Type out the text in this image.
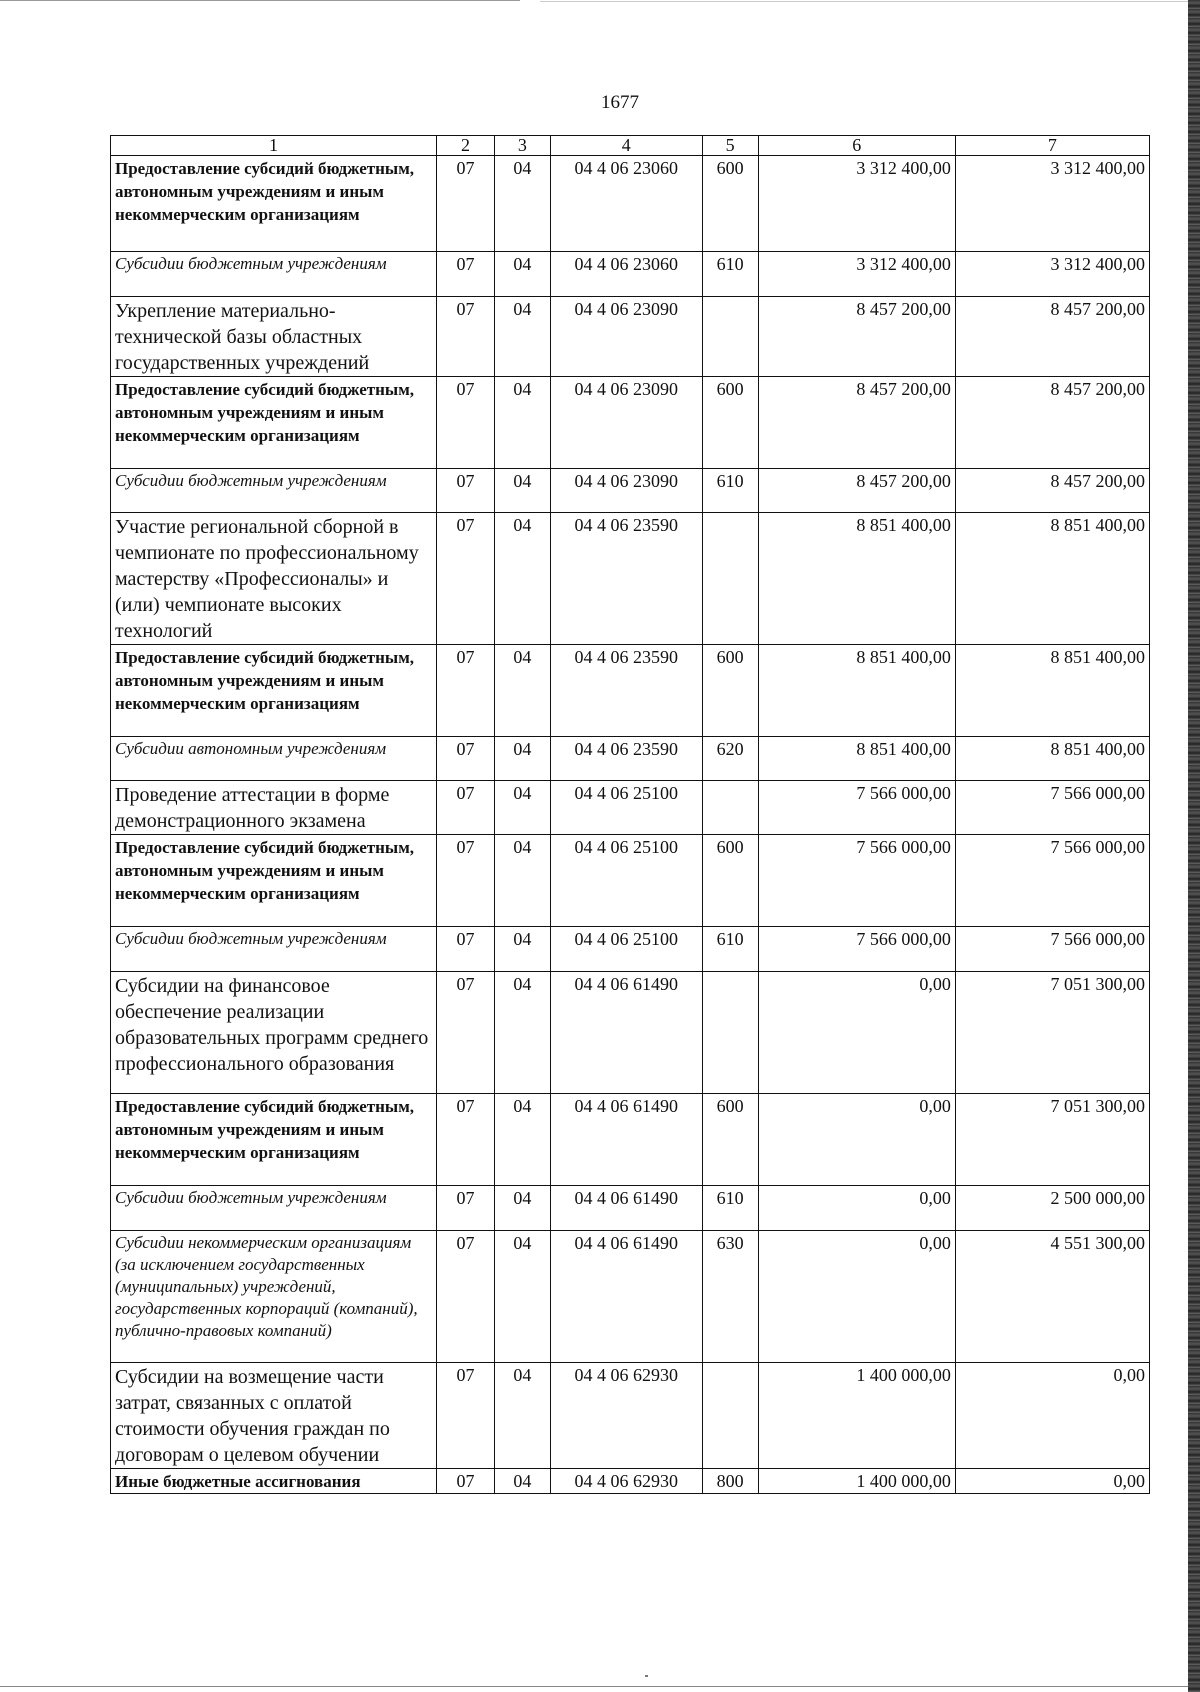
1677
1	2	3	4	5	6	7
Предоставление субсидий бюджетным, автономным учреждениям и иным некоммерческим организациям	07	04	04 4 06 23060	600	3 312 400,00	3 312 400,00
Субсидии бюджетным учреждениям	07	04	04 4 06 23060	610	3 312 400,00	3 312 400,00
Укрепление материально-технической базы областных государственных учреждений	07	04	04 4 06 23090		8 457 200,00	8 457 200,00
Предоставление субсидий бюджетным, автономным учреждениям и иным некоммерческим организациям	07	04	04 4 06 23090	600	8 457 200,00	8 457 200,00
Субсидии бюджетным учреждениям	07	04	04 4 06 23090	610	8 457 200,00	8 457 200,00
Участие региональной сборной в чемпионате по профессиональному мастерству «Профессионалы» и (или) чемпионате высоких технологий	07	04	04 4 06 23590		8 851 400,00	8 851 400,00
Предоставление субсидий бюджетным, автономным учреждениям и иным некоммерческим организациям	07	04	04 4 06 23590	600	8 851 400,00	8 851 400,00
Субсидии автономным учреждениям	07	04	04 4 06 23590	620	8 851 400,00	8 851 400,00
Проведение аттестации в форме демонстрационного экзамена	07	04	04 4 06 25100		7 566 000,00	7 566 000,00
Предоставление субсидий бюджетным, автономным учреждениям и иным некоммерческим организациям	07	04	04 4 06 25100	600	7 566 000,00	7 566 000,00
Субсидии бюджетным учреждениям	07	04	04 4 06 25100	610	7 566 000,00	7 566 000,00
Субсидии на финансовое обеспечение реализации образовательных программ среднего профессионального образования	07	04	04 4 06 61490		0,00	7 051 300,00
Предоставление субсидий бюджетным, автономным учреждениям и иным некоммерческим организациям	07	04	04 4 06 61490	600	0,00	7 051 300,00
Субсидии бюджетным учреждениям	07	04	04 4 06 61490	610	0,00	2 500 000,00
Субсидии некоммерческим организациям (за исключением государственных (муниципальных) учреждений, государственных корпораций (компаний), публично-правовых компаний)	07	04	04 4 06 61490	630	0,00	4 551 300,00
Субсидии на возмещение части затрат, связанных с оплатой стоимости обучения граждан по договорам о целевом обучении	07	04	04 4 06 62930		1 400 000,00	0,00
Иные бюджетные ассигнования	07	04	04 4 06 62930	800	1 400 000,00	0,00
